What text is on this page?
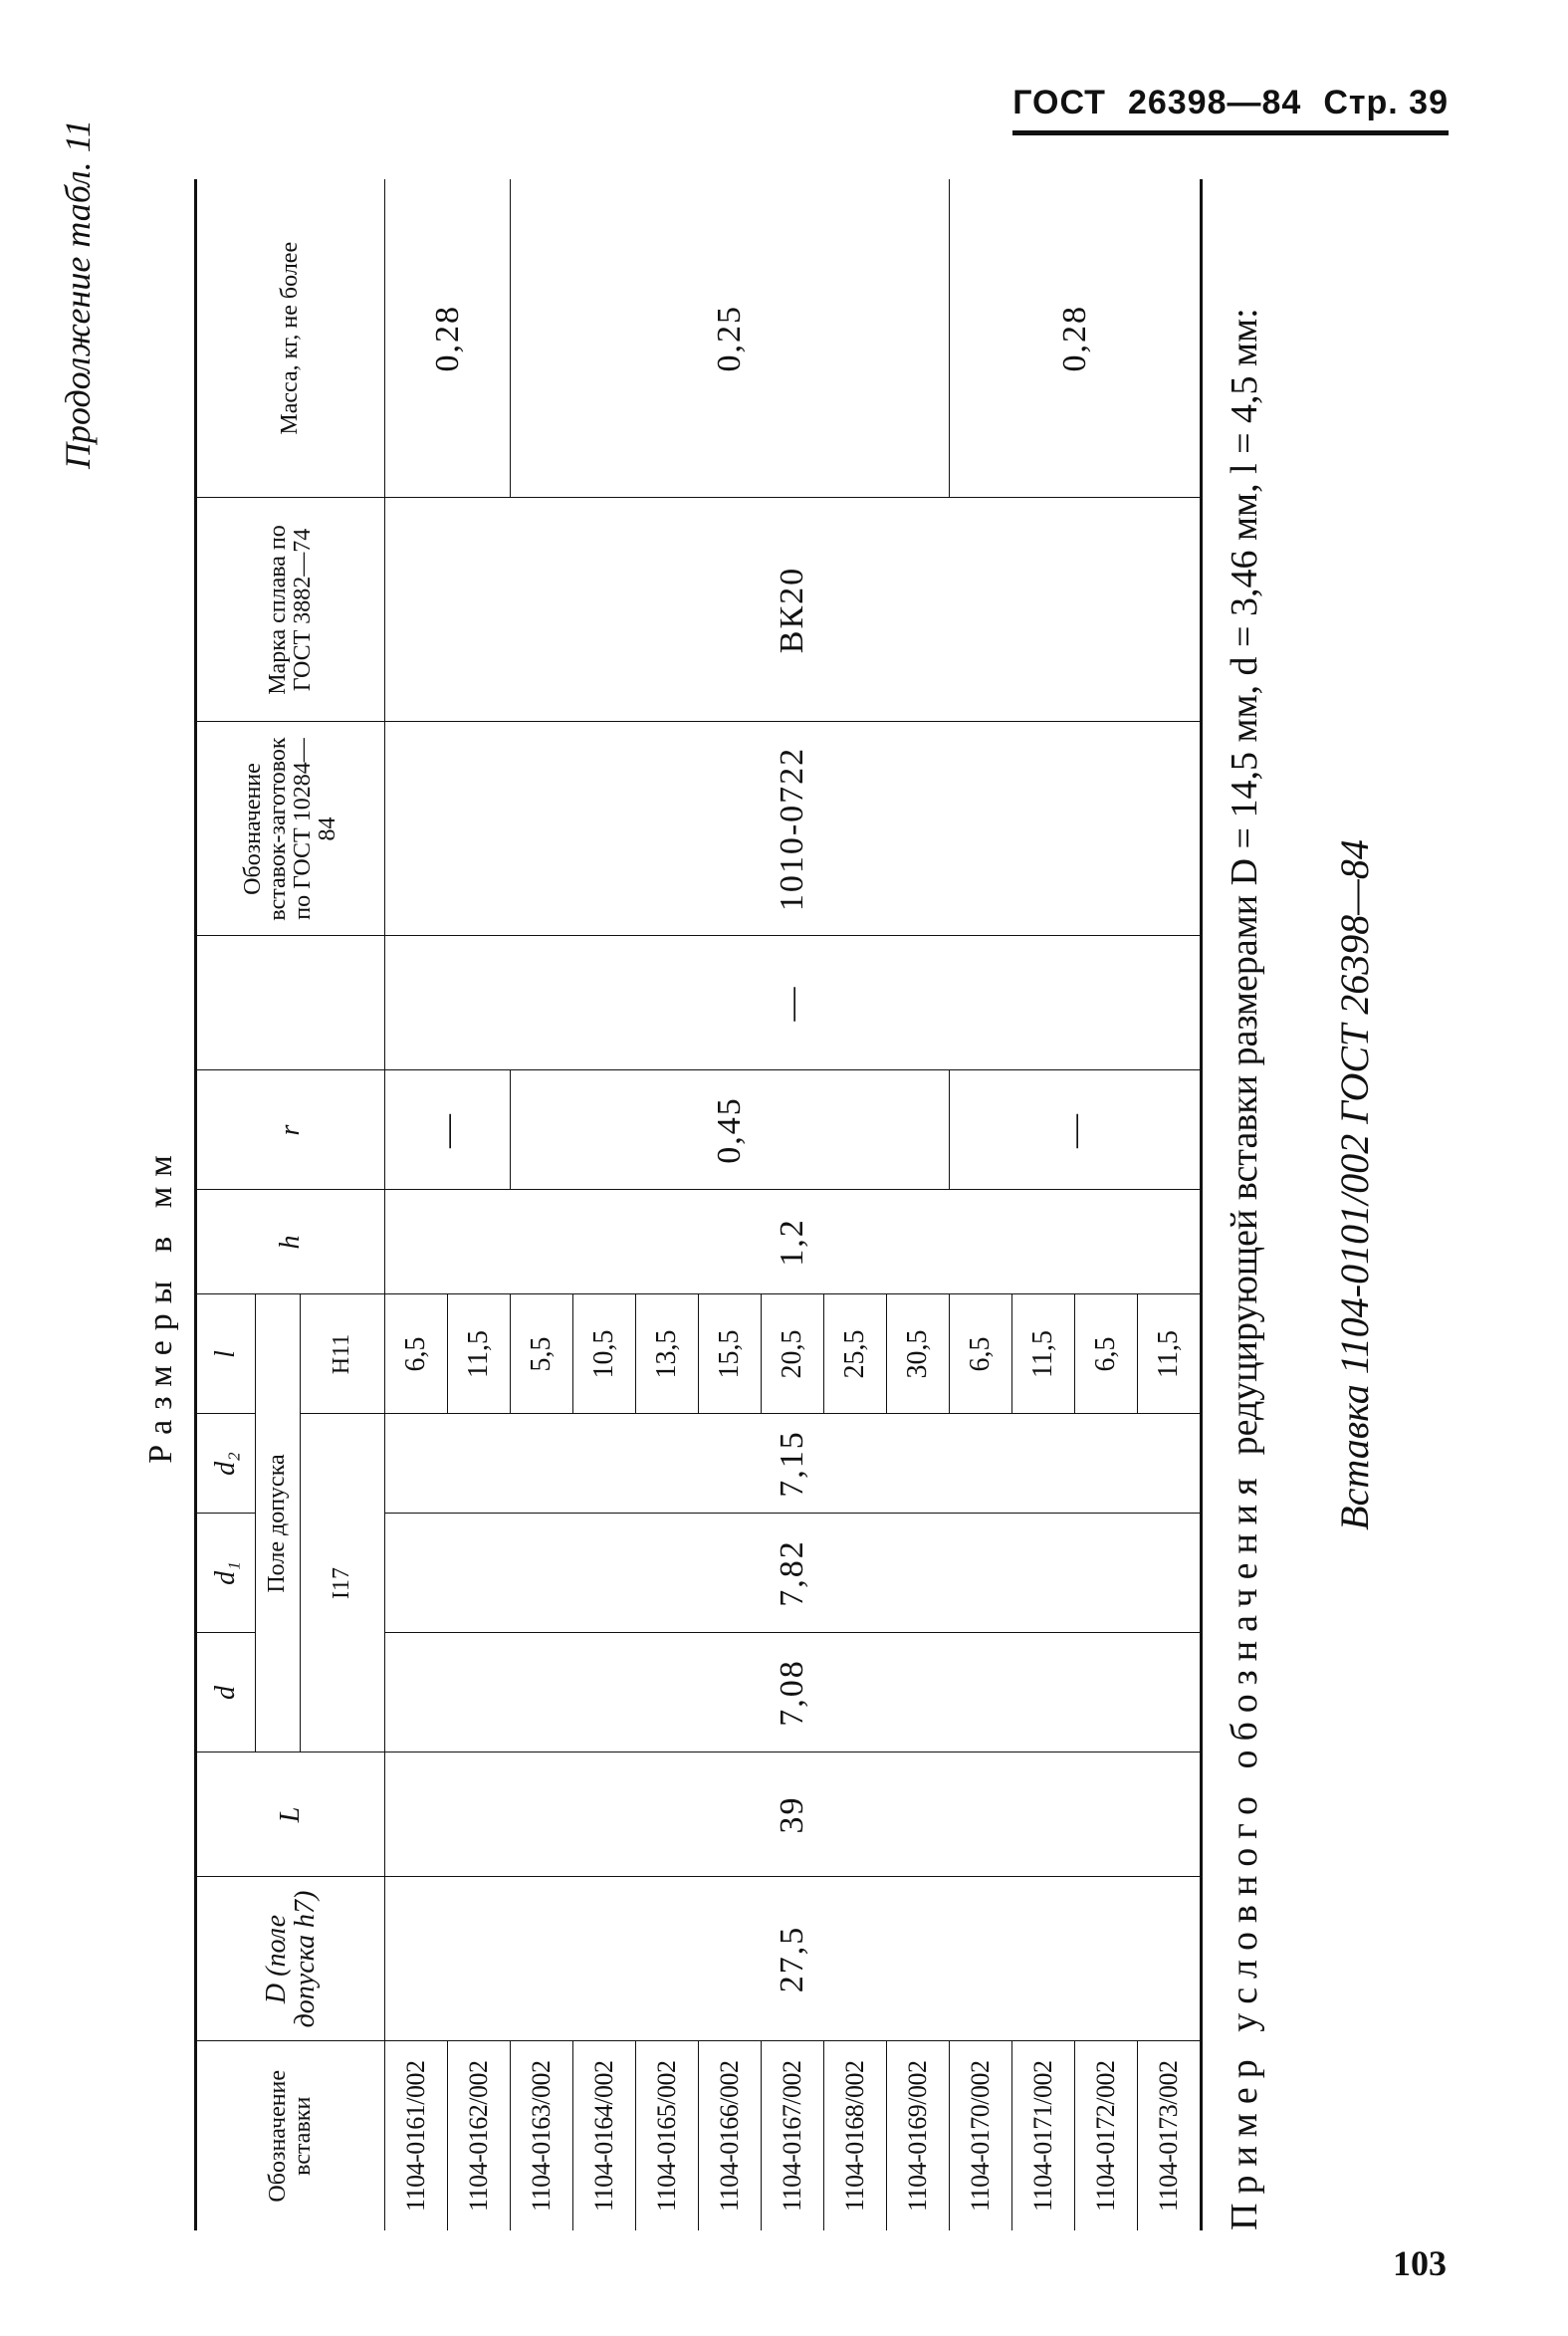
ГОСТ 26398—84 Стр. 39
Продолжение табл. 11
Размеры в мм
Обозначение вставки	D (поле допуска h7)	L	d	d₁	d₂	l	h	r		Обозначение вставок-заготовок по ГОСТ 10284—84	Марка сплава по ГОСТ 3882—74	Масса, кг, не более
			Поле допуска									
			I17			H11						
1104-0161/002	27,5	39	7,08	7,82	7,15	6,5	1,2	—	—	1010-0722	ВК20	0,28
1104-0162/002						11,5						
1104-0163/002						5,5		0,45				0,25
1104-0164/002						10,5						
1104-0165/002						13,5						
1104-0166/002						15,5						
1104-0167/002						20,5						
1104-0168/002						25,5						
1104-0169/002						30,5						
1104-0170/002						6,5		—				0,28
1104-0171/002						11,5						
1104-0172/002						6,5						
1104-0173/002						11,5						
Пример условного обозначенияредуцирующей вставки размерами D = 14,5 мм, d = 3,46 мм, l = 4,5 мм: Вставка 1104-0101/002 ГОСТ 26398—84
103
